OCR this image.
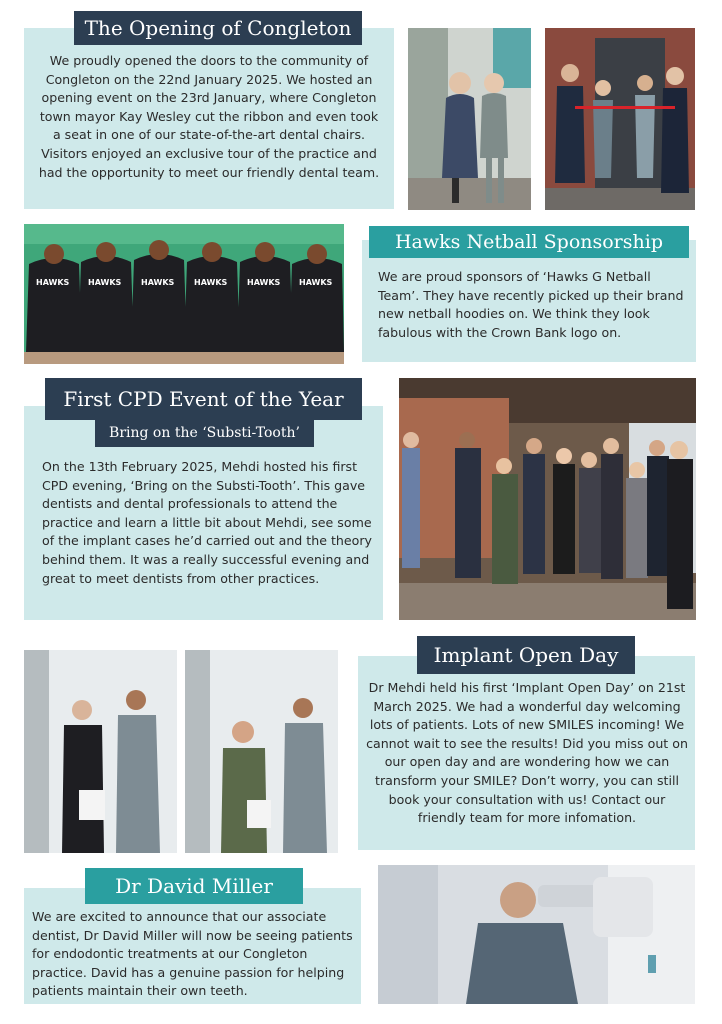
The Opening of Congleton
We proudly opened the doors to the community of Congleton on the 22nd January 2025. We hosted an opening event on the 23rd January, where Congleton town mayor Kay Wesley cut the ribbon and even took a seat in one of our state-of-the-art dental chairs. Visitors enjoyed an exclusive tour of the practice and had the opportunity to meet our friendly dental team.
HAWKS HAWKS HAWKS HAWKS HAWKS HAWKS
Hawks Netball Sponsorship
We are proud sponsors of ‘Hawks G Netball Team’. They have recently picked up their brand new netball hoodies on. We think they look fabulous with the Crown Bank logo on.
First CPD Event of the Year
Bring on the ‘Substi-Tooth’
On the 13th February 2025, Mehdi hosted his first CPD evening, ‘Bring on the Substi-Tooth’. This gave dentists and dental professionals to attend the practice and learn a little bit about Mehdi, see some of the implant cases he’d carried out and the theory behind them. It was a really successful evening and great to meet dentists from other practices.
Implant Open Day
Dr Mehdi held his first ‘Implant Open Day’ on 21st March 2025. We had a wonderful day welcoming lots of patients. Lots of new SMILES incoming! We cannot wait to see the results! Did you miss out on our open day and are wondering how we can transform your SMILE? Don’t worry, you can still book your consultation with us! Contact our friendly team for more infomation.
Dr David Miller
We are excited to announce that our associate dentist, Dr David Miller will now be seeing patients for endodontic treatments at our Congleton practice. David has a genuine passion for helping patients maintain their own teeth.
